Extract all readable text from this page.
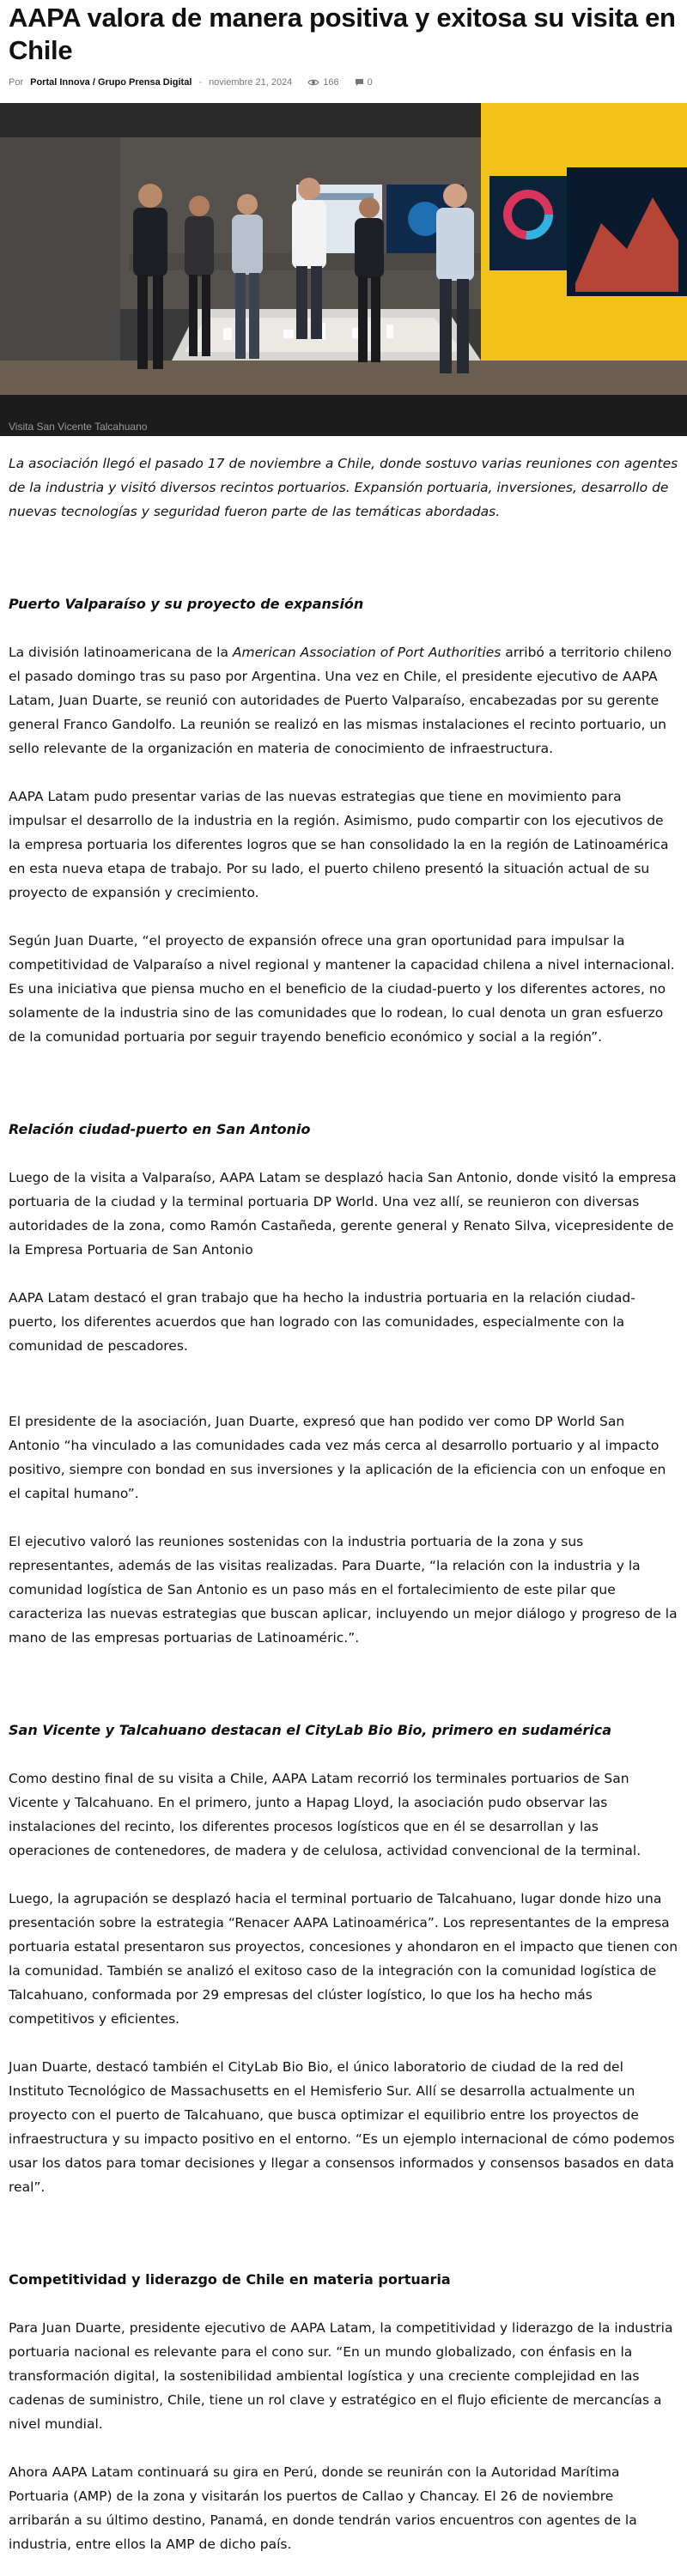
AAPA valora de manera positiva y exitosa su visita en Chile
Por Portal Innova / Grupo Prensa Digital - noviembre 21, 2024	166	0
Visita San Vicente Talcahuano

La asociación llegó el pasado 17 de noviembre a Chile, donde sostuvo varias reuniones con agentes de la industria y visitó diversos recintos portuarios. Expansión portuaria, inversiones, desarrollo de nuevas tecnologías y seguridad fueron parte de las temáticas abordadas.

Puerto Valparaíso y su proyecto de expansión

La división latinoamericana de la American Association of Port Authorities arribó a territorio chileno el pasado domingo tras su paso por Argentina. Una vez en Chile, el presidente ejecutivo de AAPA Latam, Juan Duarte, se reunió con autoridades de Puerto Valparaíso, encabezadas por su gerente general Franco Gandolfo. La reunión se realizó en las mismas instalaciones el recinto portuario, un sello relevante de la organización en materia de conocimiento de infraestructura.

AAPA Latam pudo presentar varias de las nuevas estrategias que tiene en movimiento para impulsar el desarrollo de la industria en la región. Asimismo, pudo compartir con los ejecutivos de la empresa portuaria los diferentes logros que se han consolidado la en la región de Latinoamérica en esta nueva etapa de trabajo. Por su lado, el puerto chileno presentó la situación actual de su proyecto de expansión y crecimiento.

Según Juan Duarte, “el proyecto de expansión ofrece una gran oportunidad para impulsar la competitividad de Valparaíso a nivel regional y mantener la capacidad chilena a nivel internacional. Es una iniciativa que piensa mucho en el beneficio de la ciudad-puerto y los diferentes actores, no solamente de la industria sino de las comunidades que lo rodean, lo cual denota un gran esfuerzo de la comunidad portuaria por seguir trayendo beneficio económico y social a la región”.

Relación ciudad-puerto en San Antonio

Luego de la visita a Valparaíso, AAPA Latam se desplazó hacia San Antonio, donde visitó la empresa portuaria de la ciudad y la terminal portuaria DP World. Una vez allí, se reunieron con diversas autoridades de la zona, como Ramón Castañeda, gerente general y Renato Silva, vicepresidente de la Empresa Portuaria de San Antonio

AAPA Latam destacó el gran trabajo que ha hecho la industria portuaria en la relación ciudad-puerto, los diferentes acuerdos que han logrado con las comunidades, especialmente con la comunidad de pescadores.

El presidente de la asociación, Juan Duarte, expresó que han podido ver como DP World San Antonio “ha vinculado a las comunidades cada vez más cerca al desarrollo portuario y al impacto positivo, siempre con bondad en sus inversiones y la aplicación de la eficiencia con un enfoque en el capital humano”.

El ejecutivo valoró las reuniones sostenidas con la industria portuaria de la zona y sus representantes, además de las visitas realizadas. Para Duarte, “la relación con la industria y la comunidad logística de San Antonio es un paso más en el fortalecimiento de este pilar que caracteriza las nuevas estrategias que buscan aplicar, incluyendo un mejor diálogo y progreso de la mano de las empresas portuarias de Latinoaméric.”.

San Vicente y Talcahuano destacan el CityLab Bio Bio, primero en sudamérica

Como destino final de su visita a Chile, AAPA Latam recorrió los terminales portuarios de San Vicente y Talcahuano. En el primero, junto a Hapag Lloyd, la asociación pudo observar las instalaciones del recinto, los diferentes procesos logísticos que en él se desarrollan y las operaciones de contenedores, de madera y de celulosa, actividad convencional de la terminal.

Luego, la agrupación se desplazó hacia el terminal portuario de Talcahuano, lugar donde hizo una presentación sobre la estrategia “Renacer AAPA Latinoamérica”. Los representantes de la empresa portuaria estatal presentaron sus proyectos, concesiones y ahondaron en el impacto que tienen con la comunidad. También se analizó el exitoso caso de la integración con la comunidad logística de Talcahuano, conformada por 29 empresas del clúster logístico, lo que los ha hecho más competitivos y eficientes.

Juan Duarte, destacó también el CityLab Bio Bio, el único laboratorio de ciudad de la red del Instituto Tecnológico de Massachusetts en el Hemisferio Sur. Allí se desarrolla actualmente un proyecto con el puerto de Talcahuano, que busca optimizar el equilibrio entre los proyectos de infraestructura y su impacto positivo en el entorno. “Es un ejemplo internacional de cómo podemos usar los datos para tomar decisiones y llegar a consensos informados y consensos basados en data real”.

Competitividad y liderazgo de Chile en materia portuaria

Para Juan Duarte, presidente ejecutivo de AAPA Latam, la competitividad y liderazgo de la industria portuaria nacional es relevante para el cono sur. “En un mundo globalizado, con énfasis en la transformación digital, la sostenibilidad ambiental logística y una creciente complejidad en las cadenas de suministro, Chile, tiene un rol clave y estratégico en el flujo eficiente de mercancías a nivel mundial.

Ahora AAPA Latam continuará su gira en Perú, donde se reunirán con la Autoridad Marítima Portuaria (AMP) de la zona y visitarán los puertos de Callao y Chancay. El 26 de noviembre arribarán a su último destino, Panamá, en donde tendrán varios encuentros con agentes de la industria, entre ellos la AMP de dicho país.
